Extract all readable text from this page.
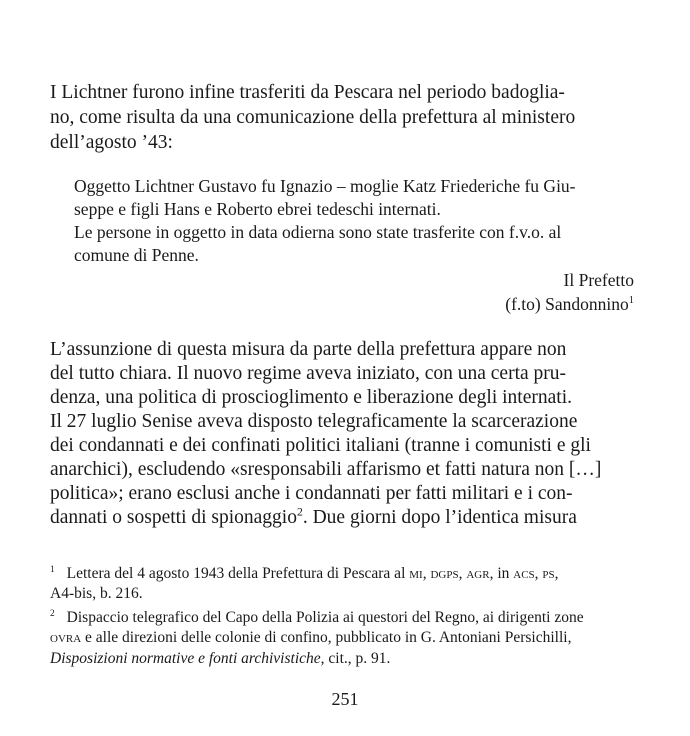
I Lichtner furono infine trasferiti da Pescara nel periodo badoglia-
no, come risulta da una comunicazione della prefettura al ministero
dell’agosto ’43:
Oggetto Lichtner Gustavo fu Ignazio – moglie Katz Friederiche fu Giu-
seppe e figli Hans e Roberto ebrei tedeschi internati.
Le persone in oggetto in data odierna sono state trasferite con f.v.o. al
comune di Penne.
Il Prefetto
(f.to) Sandonnino$^1$
L’assunzione di questa misura da parte della prefettura appare non
del tutto chiara. Il nuovo regime aveva iniziato, con una certa pru-
denza, una politica di proscioglimento e liberazione degli internati.
Il 27 luglio Senise aveva disposto telegraficamente la scarcerazione
dei condannati e dei confinati politici italiani (tranne i comunisti e gli
anarchici), escludendo «sresponsabili affarismo et fatti natura non […]
politica»; erano esclusi anche i condannati per fatti militari e i con-
dannati o sospetti di spionaggio$^2$. Due giorni dopo l’identica misura
$^1$ Lettera del 4 agosto 1943 della Prefettura di Pescara al mi, dgps, agr, in acs, ps,
A4-bis, b. 216.
$^2$ Dispaccio telegrafico del Capo della Polizia ai questori del Regno, ai dirigenti zone
ovra e alle direzioni delle colonie di confino, pubblicato in G. Antoniani Persichilli,
Disposizioni normative e fonti archivistiche, cit., p. 91.
251
